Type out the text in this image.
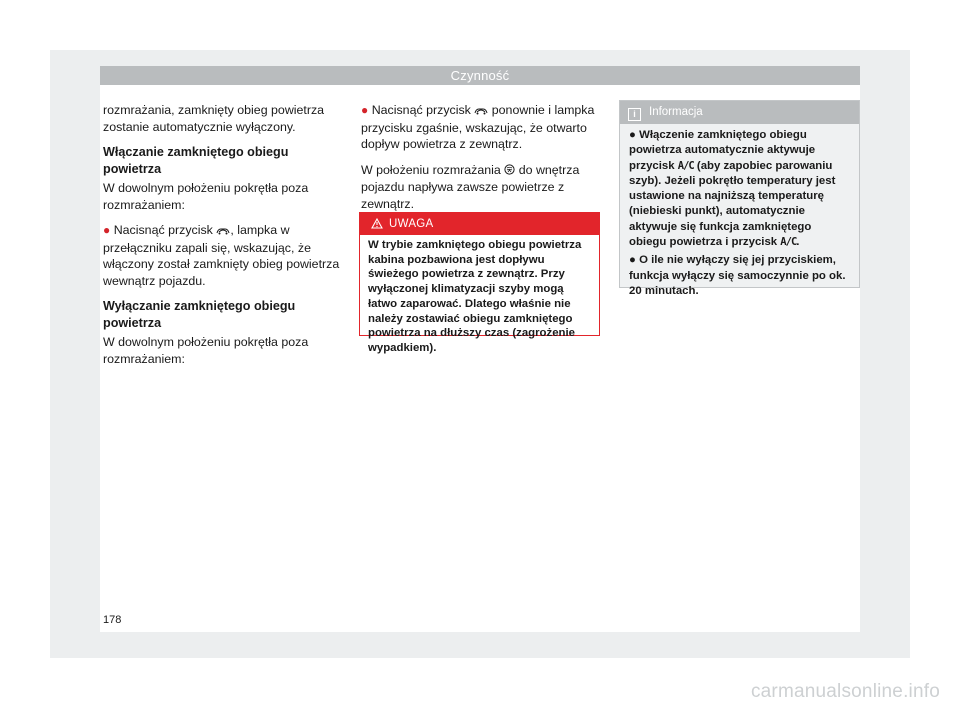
Czynność

rozmrażania, zamknięty obieg powietrza zostanie automatycznie wyłączony.

Włączanie zamkniętego obiegu powietrza

W dowolnym położeniu pokrętła poza rozmrażaniem:

● Nacisnąć przycisk , lampka w przełączniku zapali się, wskazując, że włączony został zamknięty obieg powietrza wewnątrz pojazdu.

Wyłączanie zamkniętego obiegu powietrza

W dowolnym położeniu pokrętła poza rozmrażaniem:

● Nacisnąć przycisk ponownie i lampka przycisku zgaśnie, wskazując, że otwarto dopływ powietrza z zewnątrz.

W położeniu rozmrażania do wnętrza pojazdu napływa zawsze powietrze z zewnątrz.

UWAGA
W trybie zamkniętego obiegu powietrza kabina pozbawiona jest dopływu świeżego powietrza z zewnątrz. Przy wyłączonej klimatyzacji szyby mogą łatwo zaparować. Dlatego właśnie nie należy zostawiać obiegu zamkniętego powietrza na dłuższy czas (zagrożenie wypadkiem).
i Informacja

● Włączenie zamkniętego obiegu powietrza automatycznie aktywuje przycisk A/C (aby zapobiec parowaniu szyb). Jeżeli pokrętło temperatury jest ustawione na najniższą temperaturę (niebieski punkt), automatycznie aktywuje się funkcja zamkniętego obiegu powietrza i przycisk A/C.

● O ile nie wyłączy się jej przyciskiem, funkcja wyłączy się samoczynnie po ok. 20 minutach.

178
carmanualsonline.info
